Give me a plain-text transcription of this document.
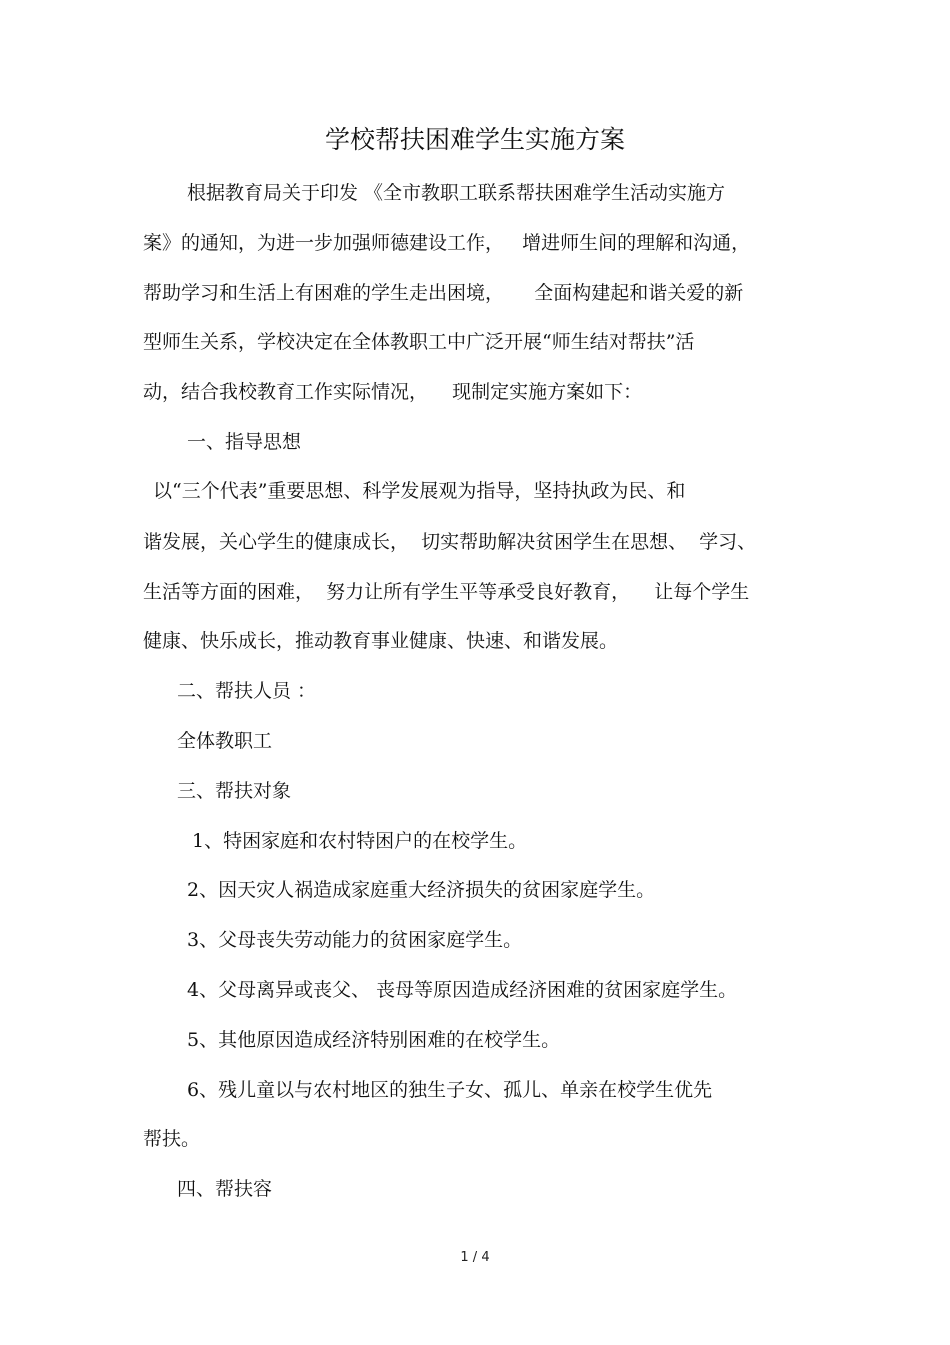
学校帮扶困难学生实施方案
根据教育局关于印发 《全市教职工联系帮扶困难学生活动实施方
案》的通知，为进一步加强师德建设工作，   增进师生间的理解和沟通，
帮助学习和生活上有困难的学生走出困境，     全面构建起和谐关爱的新
型师生关系，学校决定在全体教职工中广泛开展“师生结对帮扶”活
动，结合我校教育工作实际情况，    现制定实施方案如下：
一、指导思想
以“三个代表”重要思想、科学发展观为指导，坚持执政为民、和
谐发展，关心学生的健康成长，  切实帮助解决贫困学生在思想、  学习、
生活等方面的困难，  努力让所有学生平等承受良好教育，    让每个学生
健康、快乐成长，推动教育事业健康、快速、和谐发展。
二、帮扶人员 ：
全体教职工
三、帮扶对象
1、特困家庭和农村特困户的在校学生。
2、因天灾人祸造成家庭重大经济损失的贫困家庭学生。
3、父母丧失劳动能力的贫困家庭学生。
4、父母离异或丧父、 丧母等原因造成经济困难的贫困家庭学生。
5、其他原因造成经济特别困难的在校学生。
6、残儿童以与农村地区的独生子女、孤儿、单亲在校学生优先
帮扶。
四、帮扶容
1 / 4
